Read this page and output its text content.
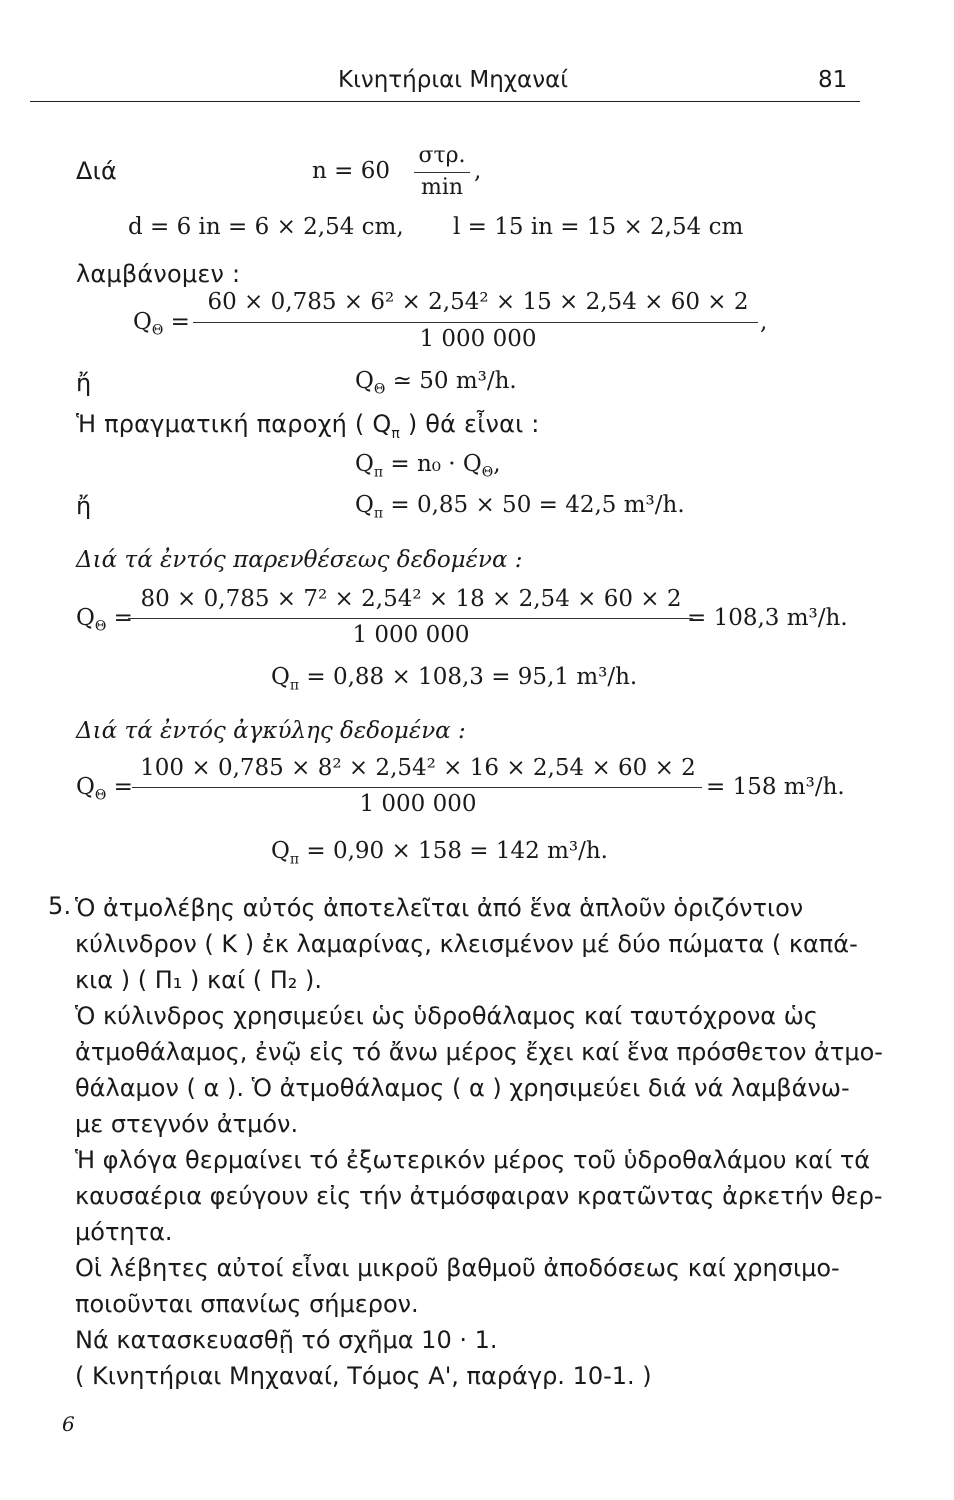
Κινητήριαι Μηχαναί	81
Διά	n = 60
στρ.
min
,
d = 6 in = 6 × 2,54 cm, l = 15 in = 15 × 2,54 cm
λαμβάνομεν :
$Q_\Theta$ =
60 × 0,785 × 6² × 2,54² × 15 × 2,54 × 60 × 2
1 000 000
,
ἤ	$Q_\Theta$ ≃ 50 m³/h.
Ἡ πραγματική παροχή ( $Q_\pi$ ) θά εἶναι :
$Q_\pi = n_0 \cdot Q_\Theta$,
ἤ	$Q_\pi = 0,85 \times 50 = 42,5$ m³/h.
Διά τά ἐντός παρενθέσεως δεδομένα :
$Q_\Theta$ =
80 × 0,785 × 7² × 2,54² × 18 × 2,54 × 60 × 2
1 000 000
= 108,3 m³/h.
$Q_\pi = 0,88 \times 108,3 = 95,1$ m³/h.
Διά τά ἐντός ἀγκύλης δεδομένα :
$Q_\Theta$ =
100 × 0,785 × 8² × 2,54² × 16 × 2,54 × 60 × 2
1 000 000
= 158 m³/h.
$Q_\pi = 0,90 \times 158 = 142$ m³/h.
5. Ὁ ἀτμολέβης αὐτός ἀποτελεῖται ἀπό ἕνα ἁπλοῦν ὁριζόντιον

κύλινδρον ( Κ ) ἐκ λαμαρίνας, κλεισμένον μέ δύο πώματα ( καπά-

κια ) ( Π₁ ) καί ( Π₂ ).

Ὁ κύλινδρος χρησιμεύει ὡς ὑδροθάλαμος καί ταυτόχρονα ὡς

ἀτμοθάλαμος, ἐνῷ εἰς τό ἄνω μέρος ἔχει καί ἕνα πρόσθετον ἀτμο-

θάλαμον ( α ). Ὁ ἀτμοθάλαμος ( α ) χρησιμεύει διά νά λαμβάνω-

με στεγνόν ἀτμόν.

Ἡ φλόγα θερμαίνει τό ἐξωτερικόν μέρος τοῦ ὑδροθαλάμου καί τά

καυσαέρια φεύγουν εἰς τήν ἀτμόσφαιραν κρατῶντας ἀρκετήν θερ-

μότητα.

Οἱ λέβητες αὐτοί εἶναι μικροῦ βαθμοῦ ἀποδόσεως καί χρησιμο-

ποιοῦνται σπανίως σήμερον.

Νά κατασκευασθῇ τό σχῆμα 10 · 1.

( Κινητήριαι Μηχαναί, Τόμος Α', παράγρ. 10-1. )

6
